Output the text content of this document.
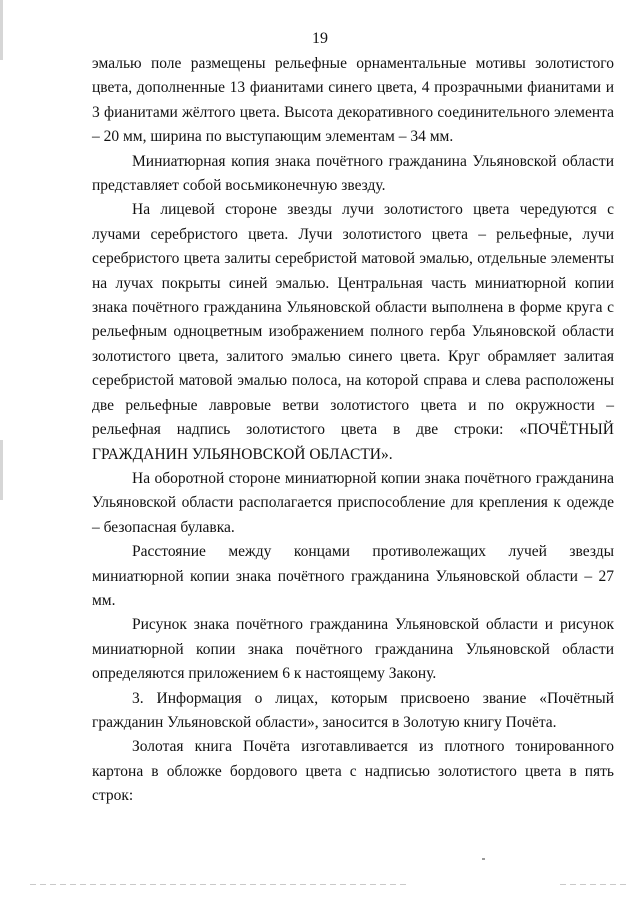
19

эмалью поле размещены рельефные орнаментальные мотивы золотистого цвета, дополненные 13 фианитами синего цвета, 4 прозрачными фианитами и 3 фианитами жёлтого цвета. Высота декоративного соединительного элемента – 20 мм, ширина по выступающим элементам – 34 мм.

Миниатюрная копия знака почётного гражданина Ульяновской области представляет собой восьмиконечную звезду.

На лицевой стороне звезды лучи золотистого цвета чередуются с лучами серебристого цвета. Лучи золотистого цвета – рельефные, лучи серебристого цвета залиты серебристой матовой эмалью, отдельные элементы на лучах покрыты синей эмалью. Центральная часть миниатюрной копии знака почётного гражданина Ульяновской области выполнена в форме круга с рельефным одноцветным изображением полного герба Ульяновской области золотистого цвета, залитого эмалью синего цвета. Круг обрамляет залитая серебристой матовой эмалью полоса, на которой справа и слева расположены две рельефные лавровые ветви золотистого цвета и по окружности – рельефная надпись золотистого цвета в две строки: «ПОЧЁТНЫЙ ГРАЖДАНИН УЛЬЯНОВСКОЙ ОБЛАСТИ».

На оборотной стороне миниатюрной копии знака почётного гражданина Ульяновской области располагается приспособление для крепления к одежде – безопасная булавка.

Расстояние между концами противолежащих лучей звезды миниатюрной копии знака почётного гражданина Ульяновской области – 27 мм.

Рисунок знака почётного гражданина Ульяновской области и рисунок миниатюрной копии знака почётного гражданина Ульяновской области определяются приложением 6 к настоящему Закону.

3. Информация о лицах, которым присвоено звание «Почётный гражданин Ульяновской области», заносится в Золотую книгу Почёта.

Золотая книга Почёта изготавливается из плотного тонированного картона в обложке бордового цвета с надписью золотистого цвета в пять строк:
